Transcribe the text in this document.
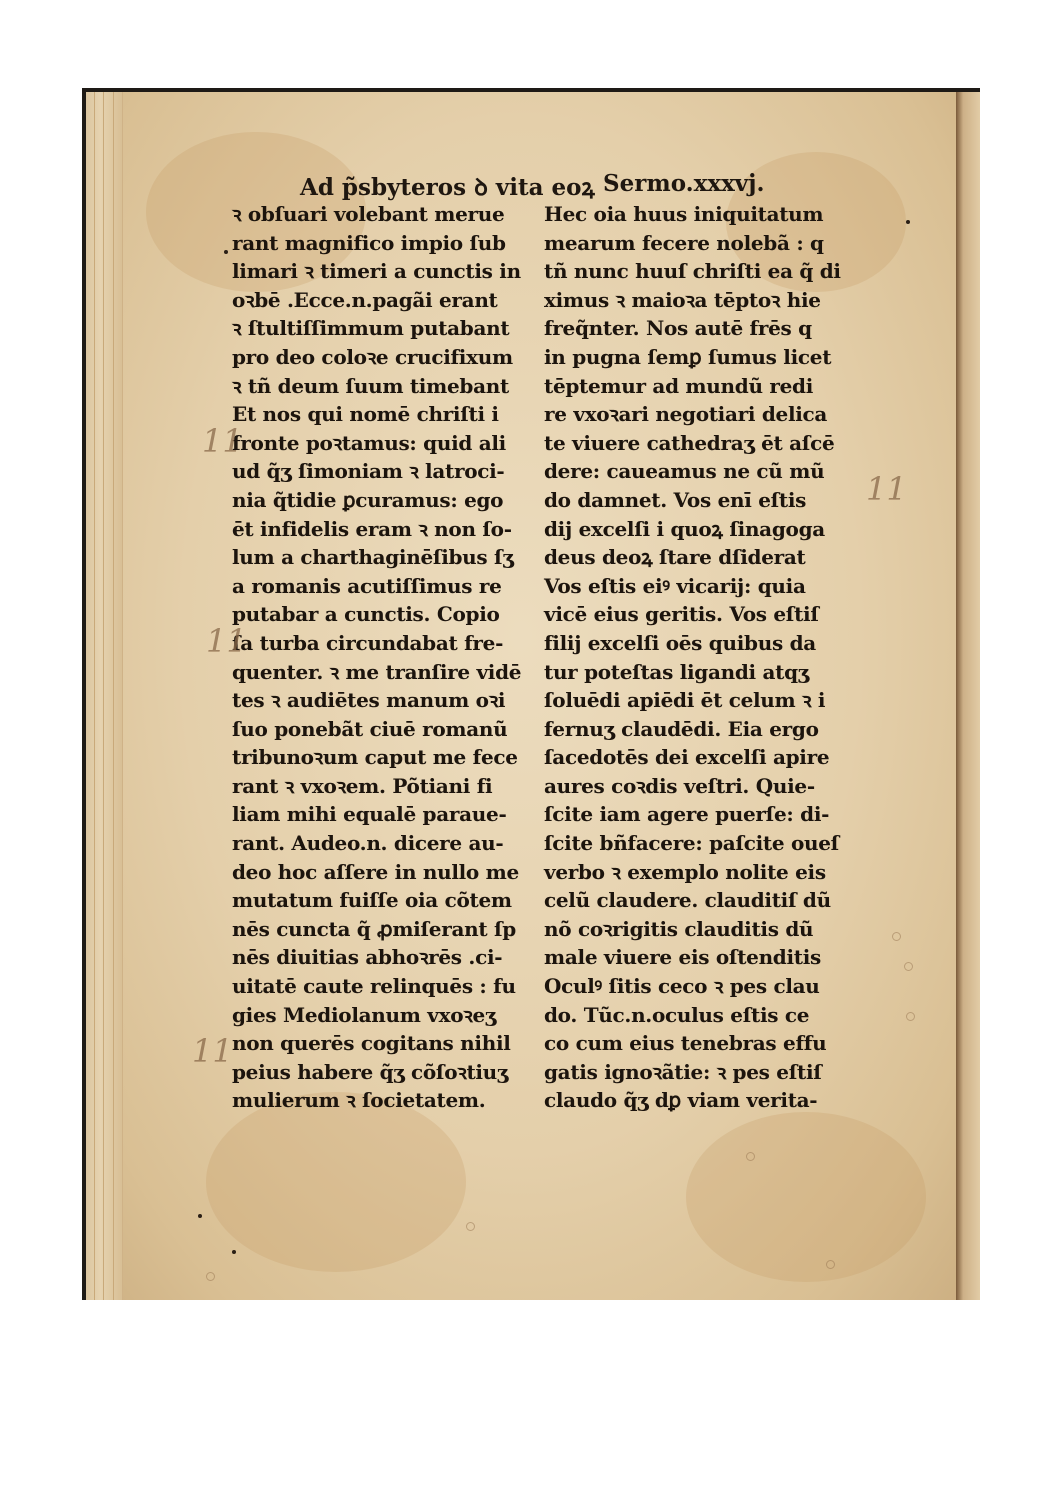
Ad p̃sbyteros ꝺ vita eoꝝ Sermo.xxxvj.
ꝛ obſuari volebant merue
rant magnifico impio ſub
limari ꝛ timeri a cunctis in
oꝛbē .Ecce.n.pagãi erant
ꝛ ſtultiſſimmum putabant
pro deo coloꝛe crucifixum
ꝛ tñ deum ſuum timebant
Et nos qui nomē chriſti i
fronte poꝛtamus: quid ali
ud q̃ʒ ſimoniam ꝛ latroci-
nia q̃tidie ꝑcuramus: ego
ēt infidelis eram ꝛ non ſo-
lum a charthaginēſibus ſʒ
a romanis acutiſſimus re
putabar a cunctis. Copio
ſa turba circundabat fre-
quenter. ꝛ me tranſire vidē
tes ꝛ audiētes manum oꝛi
ſuo ponebãt ciuē romanũ
tribunoꝛum caput me fece
rant ꝛ vxoꝛem. Põtiani fi
liam mihi equalē paraue-
rant. Audeo.n. dicere au-
deo hoc aſſere in nullo me
mutatum fuiſſe oia cõtem
nēs cuncta q̃ ꝓmiſerant ſp
nēs diuitias abhoꝛrēs .ci-
uitatē caute relinquēs : fu
gies Mediolanum vxoꝛeʒ
non querēs cogitans nihil
peius habere q̃ʒ cõſoꝛtiuʒ
mulierum ꝛ ſocietatem.
Hec oia huus iniquitatum
mearum fecere nolebã : q
tñ nunc huuſ chriſti ea q̃ di
ximus ꝛ maioꝛa tēptoꝛ hie
freq̃nter. Nos autē frēs q
in pugna ſemꝑ ſumus licet
tēptemur ad mundũ redi
re vxoꝛari negotiari delica
te viuere cathedraʒ ēt aſcē
dere: caueamus ne cũ mũ
do damnet. Vos enī eſtis
dij excelſi i quoꝝ ſinagoga
deus deoꝝ ſtare dſiderat
Vos eſtis eiꝰ vicarij: quia
vicē eius geritis. Vos eſtiſ
filij excelſi oēs quibus da
tur poteſtas ligandi atqʒ
ſoluēdi apiēdi ēt celum ꝛ i
fernuʒ claudēdi. Eia ergo
ſacedotēs dei excelſi apire
aures coꝛdis veſtri. Quie-
ſcite iam agere puerſe: di-
ſcite bñfacere: paſcite oueſ
verbo ꝛ exemplo nolite eis
celũ claudere. clauditiſ dũ
nõ coꝛrigitis clauditis dũ
male viuere eis oſtenditis
Oculꝰ ſitis ceco ꝛ pes clau
do. Tũc.n.oculus eſtis ce
co cum eius tenebras effu
gatis ignoꝛãtie: ꝛ pes eſtiſ
claudo q̃ʒ dꝑ viam verita-
11
11
11
11
